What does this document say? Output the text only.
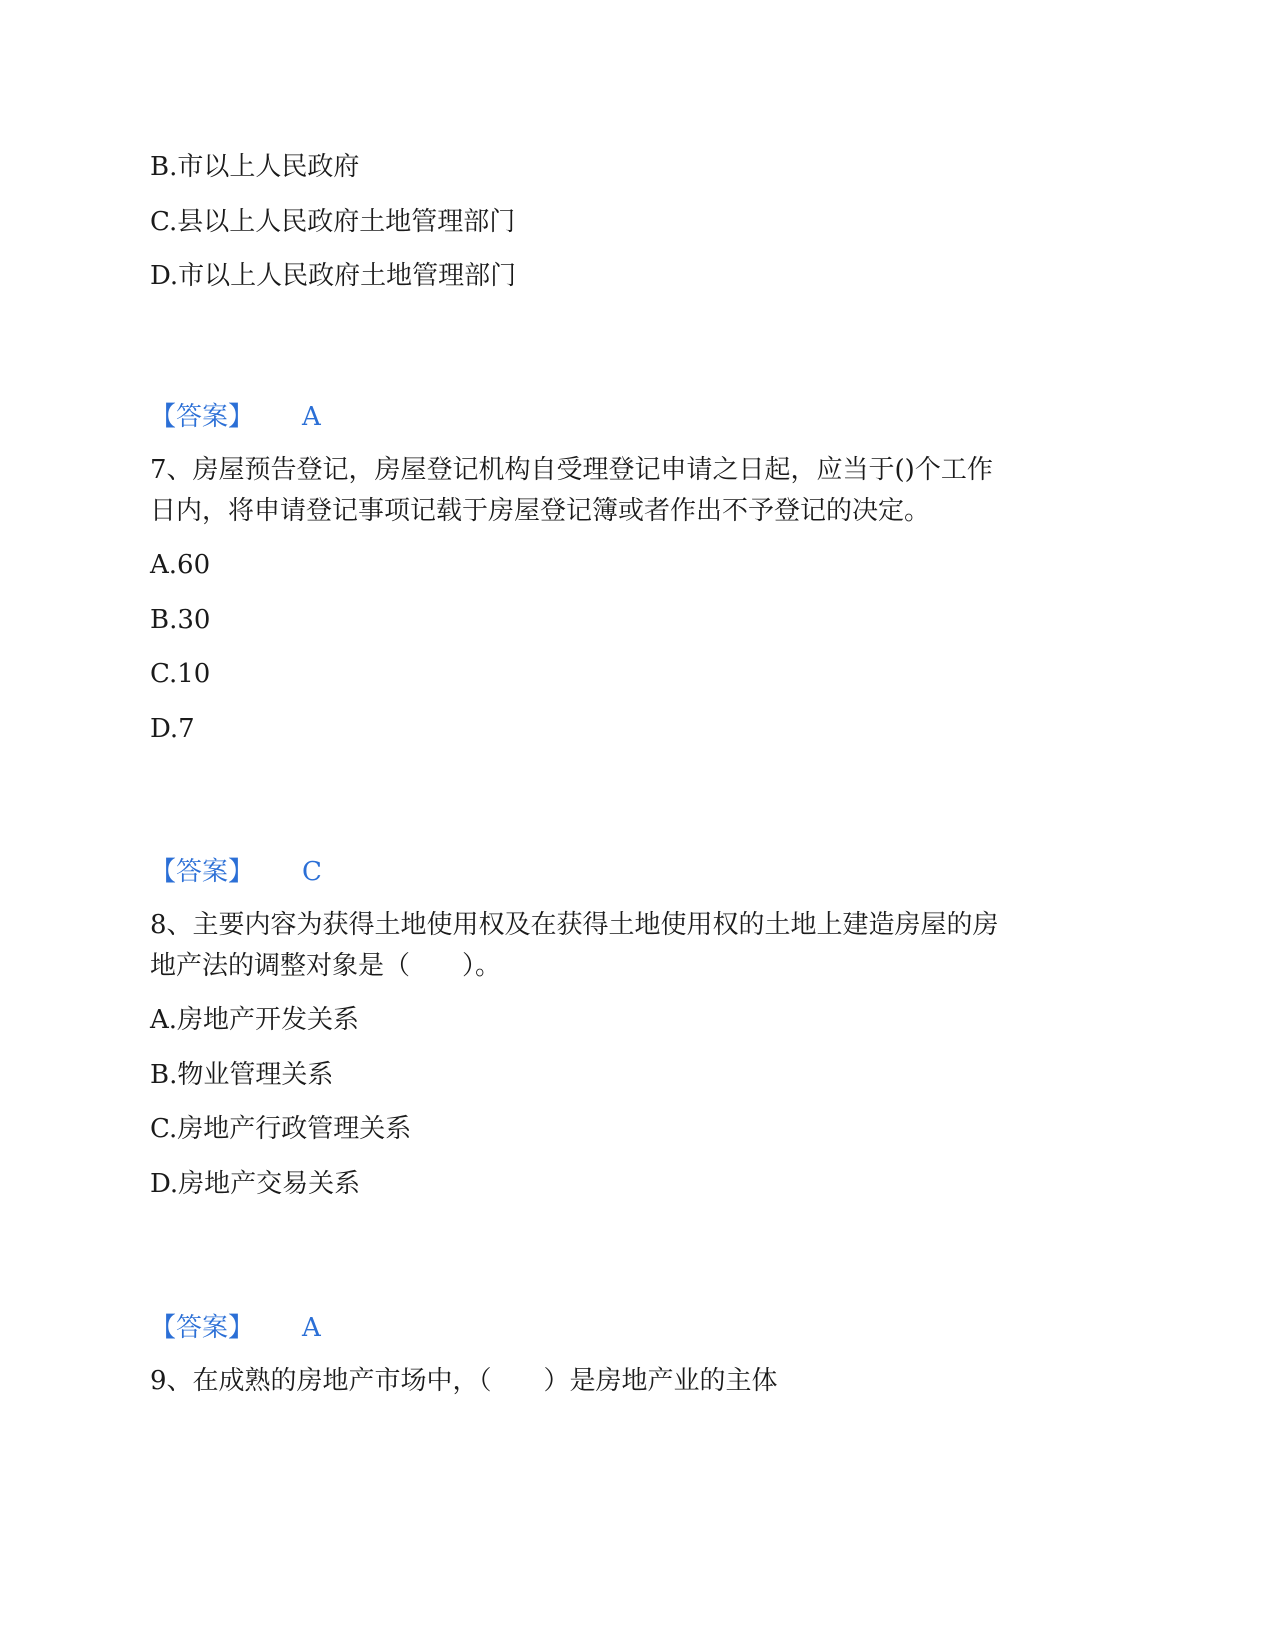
B.市以上人民政府
C.县以上人民政府土地管理部门
D.市以上人民政府土地管理部门
【答案】 A
7、房屋预告登记，房屋登记机构自受理登记申请之日起，应当于()个工作
日内，将申请登记事项记载于房屋登记簿或者作出不予登记的决定。
A.60
B.30
C.10
D.7
【答案】 C
8、主要内容为获得土地使用权及在获得土地使用权的土地上建造房屋的房
地产法的调整对象是（　　）。
A.房地产开发关系
B.物业管理关系
C.房地产行政管理关系
D.房地产交易关系
【答案】 A
9、在成熟的房地产市场中，（　　）是房地产业的主体
